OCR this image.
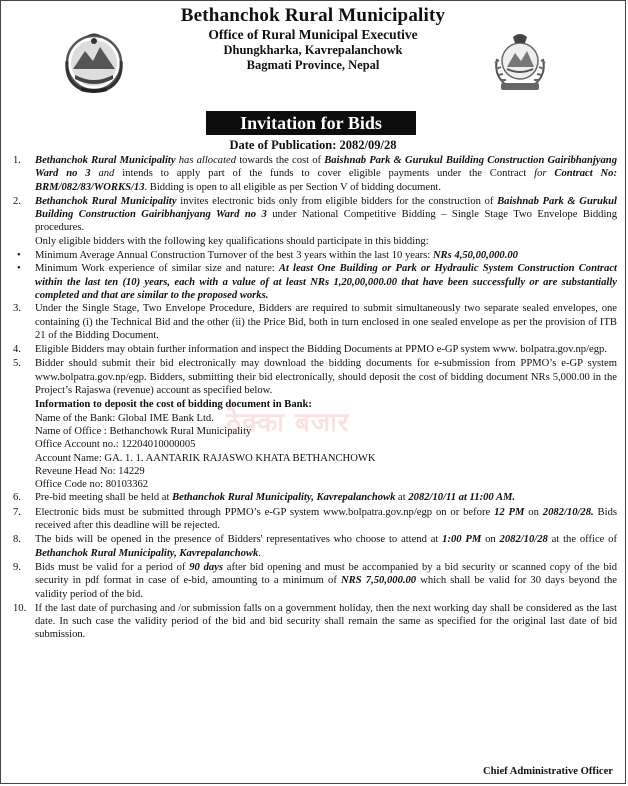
Bethanchok Rural Municipality
Office of Rural Municipal Executive
Dhungkharka, Kavrepalanchowk
Bagmati Province, Nepal
Invitation for Bids
Date of Publication: 2082/09/28
ठेक्का बजार
1. Bethanchok Rural Municipality has allocated towards the cost of Baishnab Park & Gurukul Building Construction Gairibhanjyang Ward no 3 and intends to apply part of the funds to cover eligible payments under the Contract for Contract No: BRM/082/83/WORKS/13. Bidding is open to all eligible as per Section V of bidding document.
2. Bethanchok Rural Municipality invites electronic bids only from eligible bidders for the construction of Baishnab Park & Gurukul Building Construction Gairibhanjyang Ward no 3 under National Competitive Bidding – Single Stage Two Envelope Bidding procedures.
Only eligible bidders with the following key qualifications should participate in this bidding:
• Minimum Average Annual Construction Turnover of the best 3 years within the last 10 years: NRs 4,50,00,000.00
• Minimum Work experience of similar size and nature: At least One Building or Park or Hydraulic System Construction Contract within the last ten (10) years, each with a value of at least NRs 1,20,00,000.00 that have been successfully or are substantially completed and that are similar to the proposed works.
3. Under the Single Stage, Two Envelope Procedure, Bidders are required to submit simultaneously two separate sealed envelopes, one containing (i) the Technical Bid and the other (ii) the Price Bid, both in turn enclosed in one sealed envelope as per the provision of ITB 21 of the Bidding Document.
4. Eligible Bidders may obtain further information and inspect the Bidding Documents at PPMO e-GP system www. bolpatra.gov.np/egp.
5. Bidder should submit their bid electronically may download the bidding documents for e-submission from PPMO’s e-GP system www.bolpatra.gov.np/egp. Bidders, submitting their bid electronically, should deposit the cost of bidding document NRs 5,000.00 in the Project’s Rajaswa (revenue) account as specified below.
Information to deposit the cost of bidding document in Bank:
Name of the Bank: Global IME Bank Ltd.
Name of Office : Bethanchowk Rural Municipality
Office Account no.: 12204010000005
Account Name: GA. 1. 1. AANTARIK RAJASWO KHATA BETHANCHOWK
Reveune Head No: 14229
Office Code no: 80103362
6. Pre-bid meeting shall be held at Bethanchok Rural Municipality, Kavrepalanchowk at 2082/10/11 at 11:00 AM.
7. Electronic bids must be submitted through PPMO’s e-GP system www.bolpatra.gov.np/egp on or before 12 PM on 2082/10/28. Bids received after this deadline will be rejected.
8. The bids will be opened in the presence of Bidders' representatives who choose to attend at 1:00 PM on 2082/10/28 at the office of Bethanchok Rural Municipality, Kavrepalanchowk.
9. Bids must be valid for a period of 90 days after bid opening and must be accompanied by a bid security or scanned copy of the bid security in pdf format in case of e-bid, amounting to a minimum of NRS 7,50,000.00 which shall be valid for 30 days beyond the validity period of the bid.
10. If the last date of purchasing and /or submission falls on a government holiday, then the next working day shall be considered as the last date. In such case the validity period of the bid and bid security shall remain the same as specified for the original last date of bid submission.
Chief Administrative Officer
